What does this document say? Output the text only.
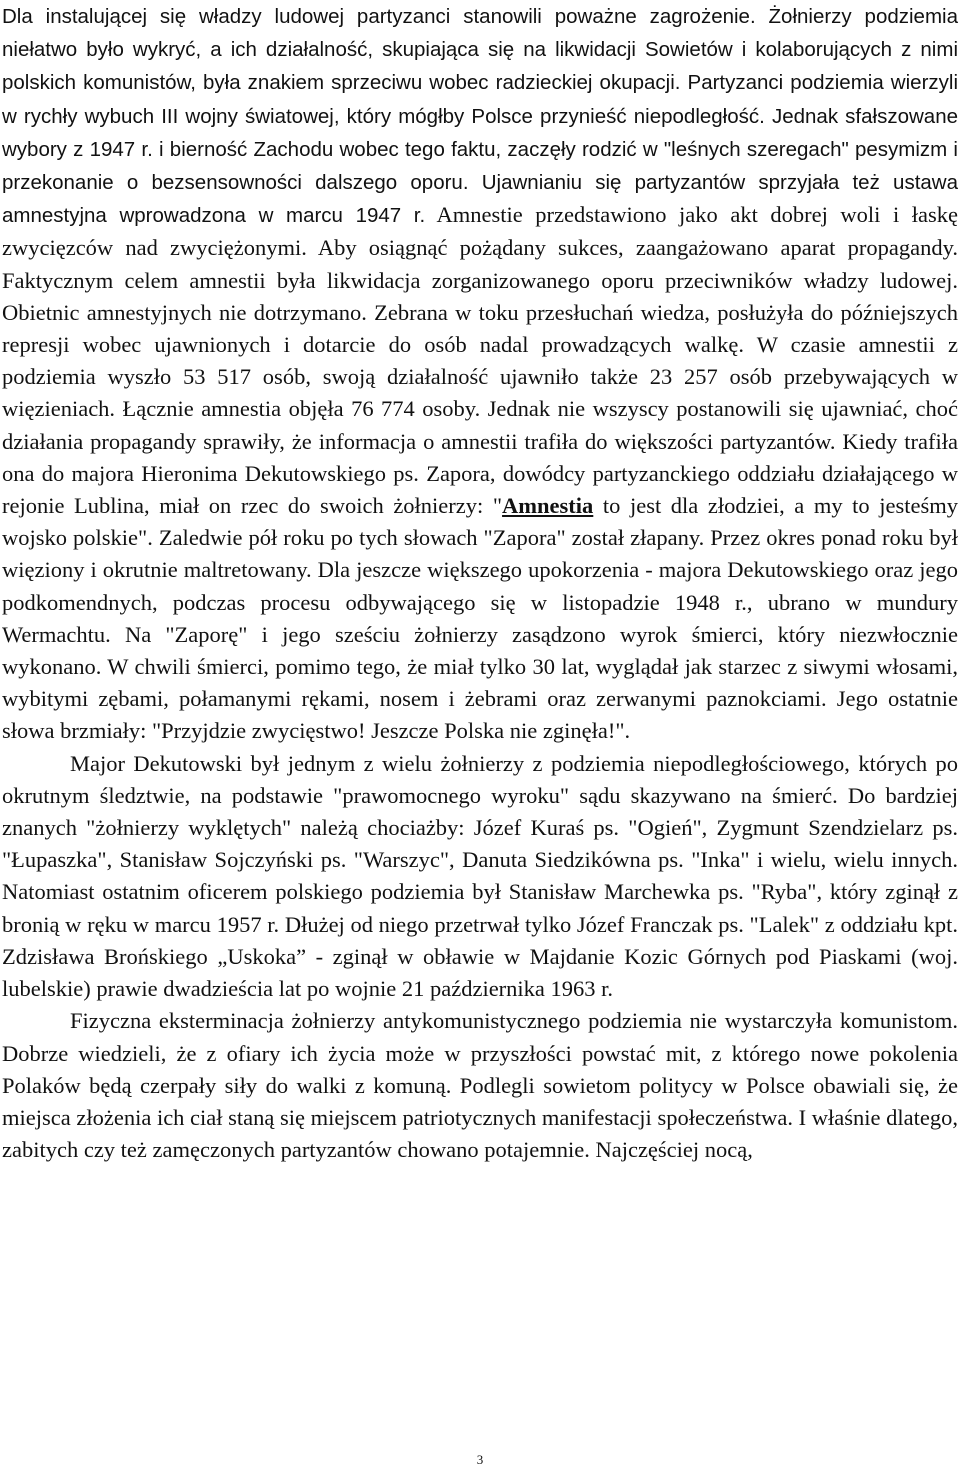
Dla instalującej się władzy ludowej partyzanci stanowili poważne zagrożenie. Żołnierzy podziemia niełatwo było wykryć, a ich działalność, skupiająca się na likwidacji Sowietów i kolaborujących z nimi polskich komunistów, była znakiem sprzeciwu wobec radzieckiej okupacji. Partyzanci podziemia wierzyli w rychły wybuch III wojny światowej, który mógłby Polsce przynieść niepodległość. Jednak sfałszowane wybory z 1947 r. i bierność Zachodu wobec tego faktu, zaczęły rodzić w "leśnych szeregach" pesymizm i przekonanie o bezsensowności dalszego oporu. Ujawnianiu się partyzantów sprzyjała też ustawa amnestyjna wprowadzona w marcu 1947 r. Amnestie przedstawiono jako akt dobrej woli i łaskę zwycięzców nad zwyciężonymi. Aby osiągnąć pożądany sukces, zaangażowano aparat propagandy. Faktycznym celem amnestii była likwidacja zorganizowanego oporu przeciwników władzy ludowej. Obietnic amnestyjnych nie dotrzymano. Zebrana w toku przesłuchań wiedza, posłużyła do późniejszych represji wobec ujawnionych i dotarcie do osób nadal prowadzących walkę. W czasie amnestii z podziemia wyszło 53 517 osób, swoją działalność ujawniło także 23 257 osób przebywających w więzieniach. Łącznie amnestia objęła 76 774 osoby. Jednak nie wszyscy postanowili się ujawniać, choć działania propagandy sprawiły, że informacja o amnestii trafiła do większości partyzantów. Kiedy trafiła ona do majora Hieronima Dekutowskiego ps. Zapora, dowódcy partyzanckiego oddziału działającego w rejonie Lublina, miał on rzec do swoich żołnierzy: "Amnestia to jest dla złodziei, a my to jesteśmy wojsko polskie". Zaledwie pół roku po tych słowach "Zapora" został złapany. Przez okres ponad roku był więziony i okrutnie maltretowany. Dla jeszcze większego upokorzenia - majora Dekutowskiego oraz jego podkomendnych, podczas procesu odbywającego się w listopadzie 1948 r., ubrano w mundury Wermachtu. Na "Zaporę" i jego sześciu żołnierzy zasądzono wyrok śmierci, który niezwłocznie wykonano. W chwili śmierci, pomimo tego, że miał tylko 30 lat, wyglądał jak starzec z siwymi włosami, wybitymi zębami, połamanymi rękami, nosem i żebrami oraz zerwanymi paznokciami. Jego ostatnie słowa brzmiały: "Przyjdzie zwycięstwo! Jeszcze Polska nie zginęła!".

Major Dekutowski był jednym z wielu żołnierzy z podziemia niepodległościowego, których po okrutnym śledztwie, na podstawie "prawomocnego wyroku" sądu skazywano na śmierć. Do bardziej znanych "żołnierzy wyklętych" należą chociażby: Józef Kuraś ps. "Ogień", Zygmunt Szendzielarz ps. "Łupaszka", Stanisław Sojczyński ps. "Warszyc", Danuta Siedzikówna ps. "Inka" i wielu, wielu innych. Natomiast ostatnim oficerem polskiego podziemia był Stanisław Marchewka ps. "Ryba", który zginął z bronią w ręku w marcu 1957 r. Dłużej od niego przetrwał tylko Józef Franczak ps. "Lalek" z oddziału kpt. Zdzisława Brońskiego „Uskoka” - zginął w obławie w Majdanie Kozic Górnych pod Piaskami (woj. lubelskie) prawie dwadzieścia lat po wojnie 21 października 1963 r.

Fizyczna eksterminacja żołnierzy antykomunistycznego podziemia nie wystarczyła komunistom. Dobrze wiedzieli, że z ofiary ich życia może w przyszłości powstać mit, z którego nowe pokolenia Polaków będą czerpały siły do walki z komuną. Podlegli sowietom politycy w Polsce obawiali się, że miejsca złożenia ich ciał staną się miejscem patriotycznych manifestacji społeczeństwa. I właśnie dlatego, zabitych czy też zamęczonych partyzantów chowano potajemnie. Najczęściej nocą,

3
